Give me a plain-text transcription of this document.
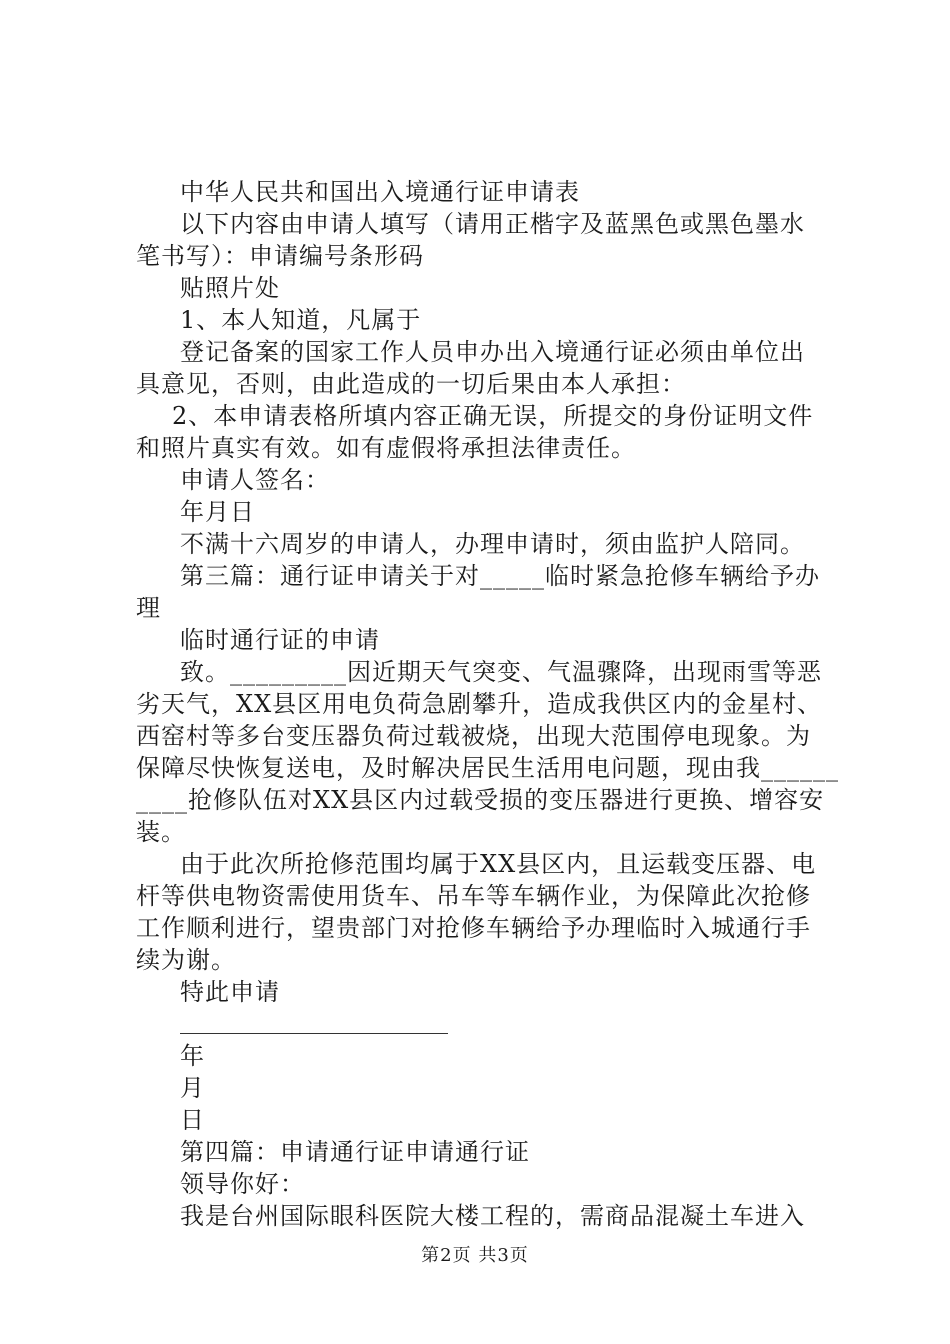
中华人民共和国出入境通行证申请表
以下内容由申请人填写（请用正楷字及蓝黑色或黑色墨水
笔书写）：申请编号条形码
贴照片处
1、本人知道，凡属于
登记备案的国家工作人员申办出入境通行证必须由单位出
具意见，否则，由此造成的一切后果由本人承担：
2、本申请表格所填内容正确无误，所提交的身份证明文件
和照片真实有效。如有虚假将承担法律责任。
申请人签名：
年月日
不满十六周岁的申请人，办理申请时，须由监护人陪同。
第三篇：通行证申请关于对_____临时紧急抢修车辆给予办
理
临时通行证的申请
致。_________因近期天气突变、气温骤降，出现雨雪等恶
劣天气，XX县区用电负荷急剧攀升，造成我供区内的金星村、
西窑村等多台变压器负荷过载被烧，出现大范围停电现象。为
保障尽快恢复送电，及时解决居民生活用电问题，现由我______
____抢修队伍对XX县区内过载受损的变压器进行更换、增容安
装。
由于此次所抢修范围均属于XX县区内，且运载变压器、电
杆等供电物资需使用货车、吊车等车辆作业，为保障此次抢修
工作顺利进行，望贵部门对抢修车辆给予办理临时入城通行手
续为谢。
特此申请
年
月
日
第四篇：申请通行证申请通行证
领导你好：
我是台州国际眼科医院大楼工程的，需商品混凝土车进入
第2页 共3页
